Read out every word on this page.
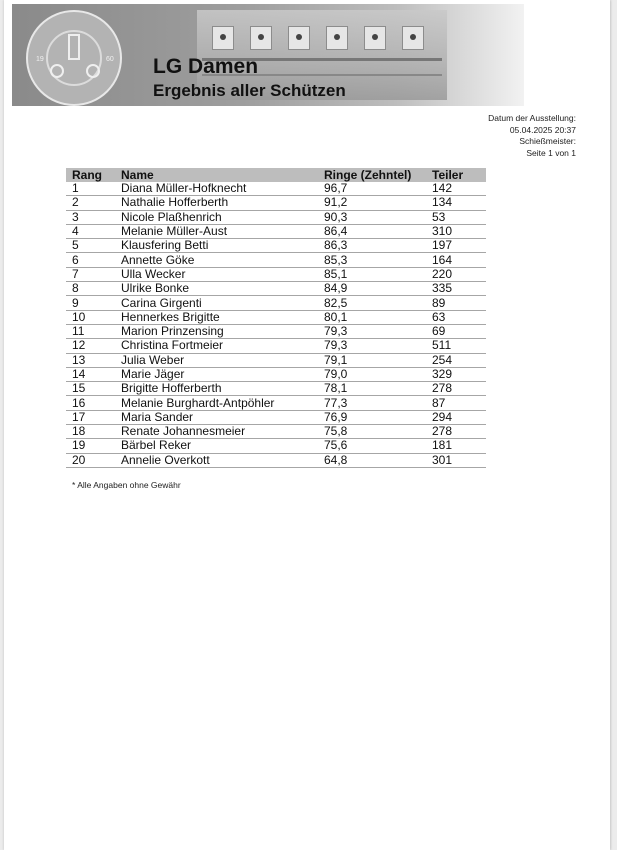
19	60 LG Damen
Ergebnis aller Schützen
Datum der Ausstellung:
05.04.2025 20:37
Schießmeister:
Seite 1 von 1
Rang	Name	Ringe (Zehntel)	Teiler
1	Diana Müller-Hofknecht	96,7	142
2	Nathalie Hofferberth	91,2	134
3	Nicole Plaßhenrich	90,3	53
4	Melanie Müller-Aust	86,4	310
5	Klausfering Betti	86,3	197
6	Annette Göke	85,3	164
7	Ulla Wecker	85,1	220
8	Ulrike Bonke	84,9	335
9	Carina Girgenti	82,5	89
10	Hennerkes Brigitte	80,1	63
11	Marion Prinzensing	79,3	69
12	Christina Fortmeier	79,3	511
13	Julia Weber	79,1	254
14	Marie Jäger	79,0	329
15	Brigitte Hofferberth	78,1	278
16	Melanie Burghardt-Antpöhler	77,3	87
17	Maria Sander	76,9	294
18	Renate Johannesmeier	75,8	278
19	Bärbel Reker	75,6	181
20	Annelie Overkott	64,8	301
* Alle Angaben ohne Gewähr
